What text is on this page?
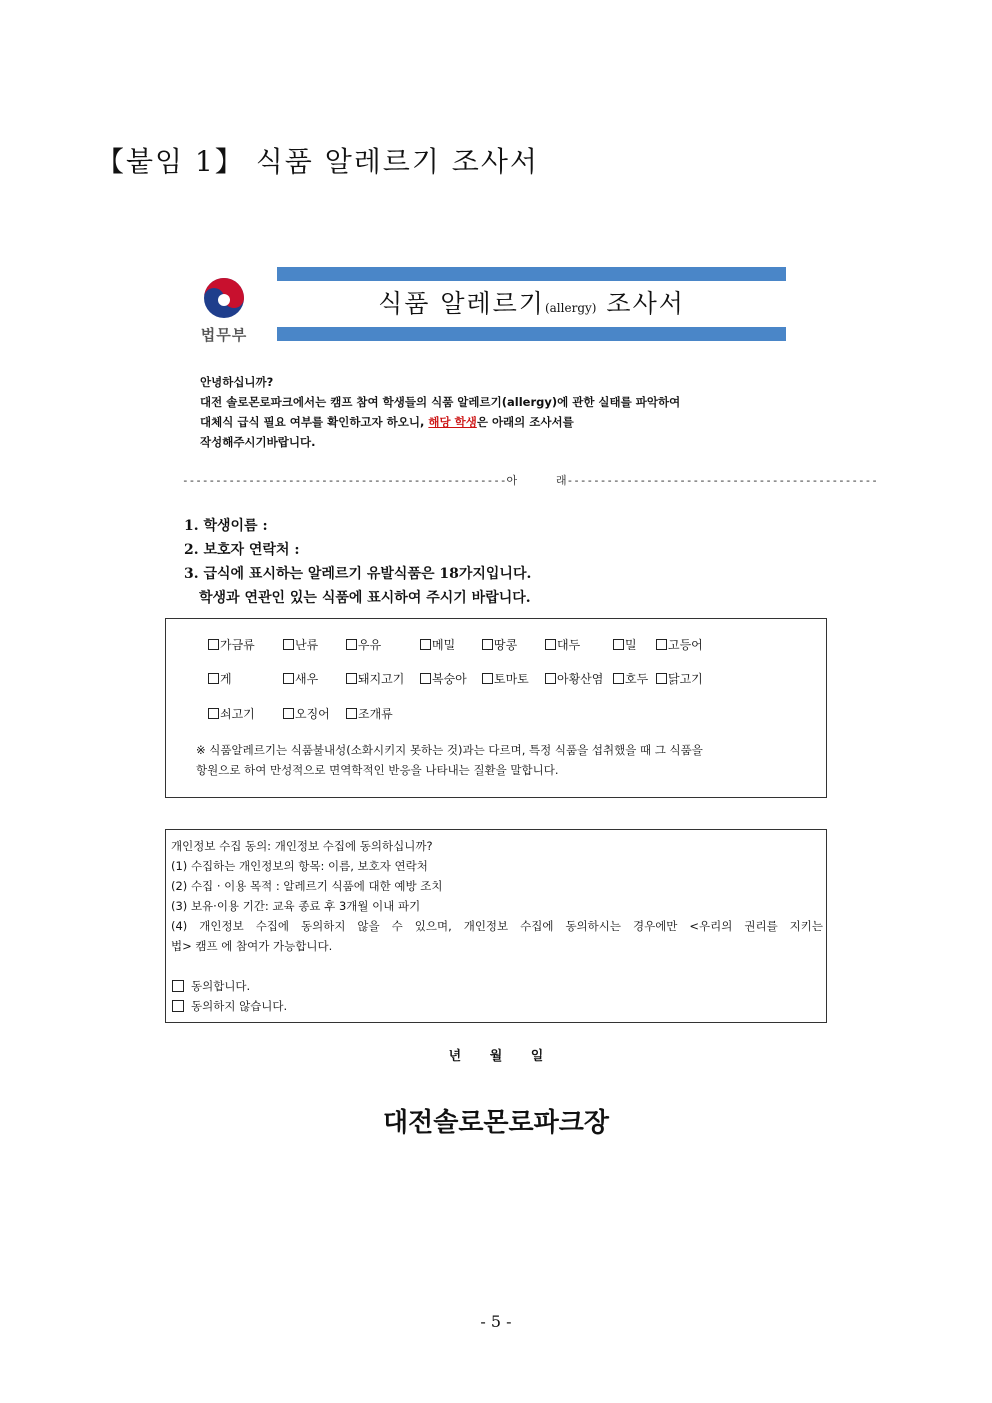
【붙임 1】 식품 알레르기 조사서
법무부
식품 알레르기(allergy) 조사서
안녕하십니까?
대전 솔로몬로파크에서는 캠프 참여 학생들의 식품 알레르기(allergy)에 관한 실태를 파악하여
대체식 급식 필요 여부를 확인하고자 하오니, 해당 학생은 아래의 조사서를
작성해주시기바랍니다.
-------------------------------------------------아	래-----------------------------------------------
1. 학생이름 :
2. 보호자 연락처 :
3. 급식에 표시하는 알레르기 유발식품은 18가지입니다.
학생과 연관인 있는 식품에 표시하여 주시기 바랍니다.
가금류	난류	우유	메밀	땅콩	대두	밀	고등어
게	새우	돼지고기	복숭아	토마토	아황산염	호두	닭고기
쇠고기	오징어	조개류
※ 식품알레르기는 식품불내성(소화시키지 못하는 것)과는 다르며, 특정 식품을 섭취했을 때 그 식품을
항원으로 하여 만성적으로 면역학적인 반응을 나타내는 질환을 말합니다.
개인정보 수집 동의: 개인정보 수집에 동의하십니까?
(1) 수집하는 개인정보의 항목: 이름, 보호자 연락처
(2) 수집 · 이용 목적 : 알레르기 식품에 대한 예방 조치
(3) 보유·이용 기간: 교육 종료 후 3개월 이내 파기
(4) 개인정보 수집에 동의하지 않을 수 있으며, 개인정보 수집에 동의하시는 경우에만 <우리의 권리를 지키는
법> 캠프 에 참여가 가능합니다.
동의합니다.
동의하지 않습니다.
년 월 일
대전솔로몬로파크장
- 5 -
